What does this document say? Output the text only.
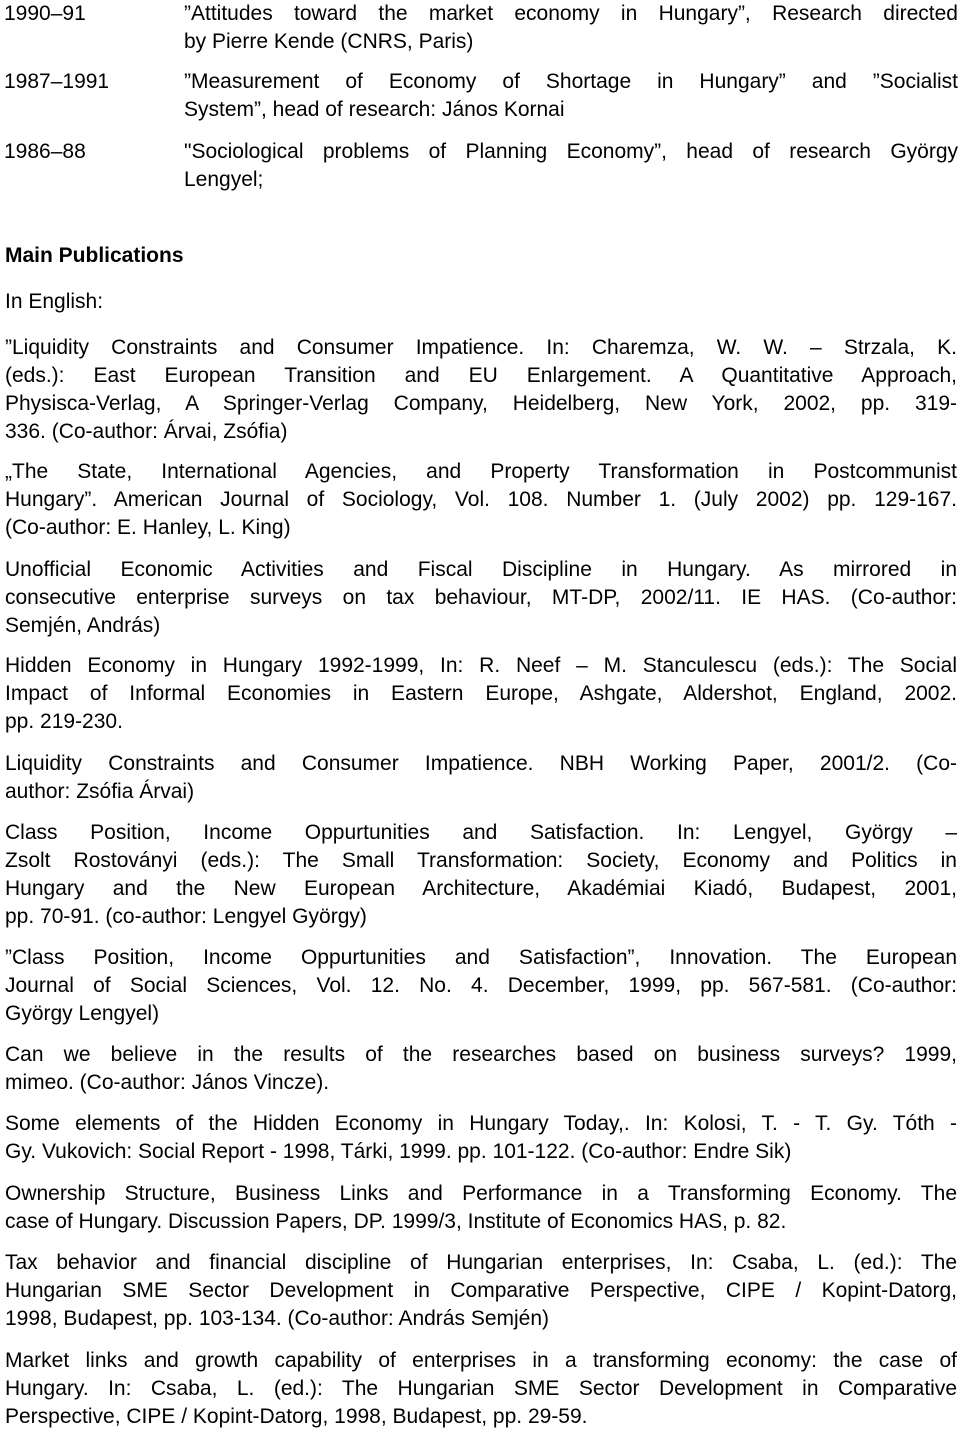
1990–91	”Attitudes toward the market economy in Hungary”, Research directed
by Pierre Kende (CNRS, Paris)
1987–1991	”Measurement of Economy of Shortage in Hungary” and ”Socialist
System”, head of research: János Kornai
1986–88	"Sociological problems of Planning Economy”, head of research György
Lengyel;
Main Publications
In English:
”Liquidity Constraints and Consumer Impatience. In: Charemza, W. W. – Strzala, K.
(eds.): East European Transition and EU Enlargement. A Quantitative Approach,
Physisca-Verlag, A Springer-Verlag Company, Heidelberg, New York, 2002, pp. 319-
336. (Co-author: Árvai, Zsófia)
„The State, International Agencies, and Property Transformation in Postcommunist
Hungary”. American Journal of Sociology, Vol. 108. Number 1. (July 2002) pp. 129-167.
(Co-author: E. Hanley, L. King)
Unofficial Economic Activities and Fiscal Discipline in Hungary. As mirrored in
consecutive enterprise surveys on tax behaviour, MT-DP, 2002/11. IE HAS. (Co-author:
Semjén, András)
Hidden Economy in Hungary 1992-1999, In: R. Neef – M. Stanculescu (eds.): The Social
Impact of Informal Economies in Eastern Europe, Ashgate, Aldershot, England, 2002.
pp. 219-230.
Liquidity Constraints and Consumer Impatience. NBH Working Paper, 2001/2. (Co-
author: Zsófia Árvai)
Class Position, Income Oppurtunities and Satisfaction. In: Lengyel, György –
Zsolt Rostoványi (eds.): The Small Transformation: Society, Economy and Politics in
Hungary and the New European Architecture, Akadémiai Kiadó, Budapest, 2001,
pp. 70-91. (co-author: Lengyel György)
”Class Position, Income Oppurtunities and Satisfaction”, Innovation. The European
Journal of Social Sciences, Vol. 12. No. 4. December, 1999, pp. 567-581. (Co-author:
György Lengyel)
Can we believe in the results of the researches based on business surveys? 1999,
mimeo. (Co-author: János Vincze).
Some elements of the Hidden Economy in Hungary Today,. In: Kolosi, T. - T. Gy. Tóth -
Gy. Vukovich: Social Report - 1998, Tárki, 1999. pp. 101-122. (Co-author: Endre Sik)
Ownership Structure, Business Links and Performance in a Transforming Economy. The
case of Hungary. Discussion Papers, DP. 1999/3, Institute of Economics HAS, p. 82.
Tax behavior and financial discipline of Hungarian enterprises, In: Csaba, L. (ed.): The
Hungarian SME Sector Development in Comparative Perspective, CIPE / Kopint-Datorg,
1998, Budapest, pp. 103-134. (Co-author: András Semjén)
Market links and growth capability of enterprises in a transforming economy: the case of
Hungary. In: Csaba, L. (ed.): The Hungarian SME Sector Development in Comparative
Perspective, CIPE / Kopint-Datorg, 1998, Budapest, pp. 29-59.
